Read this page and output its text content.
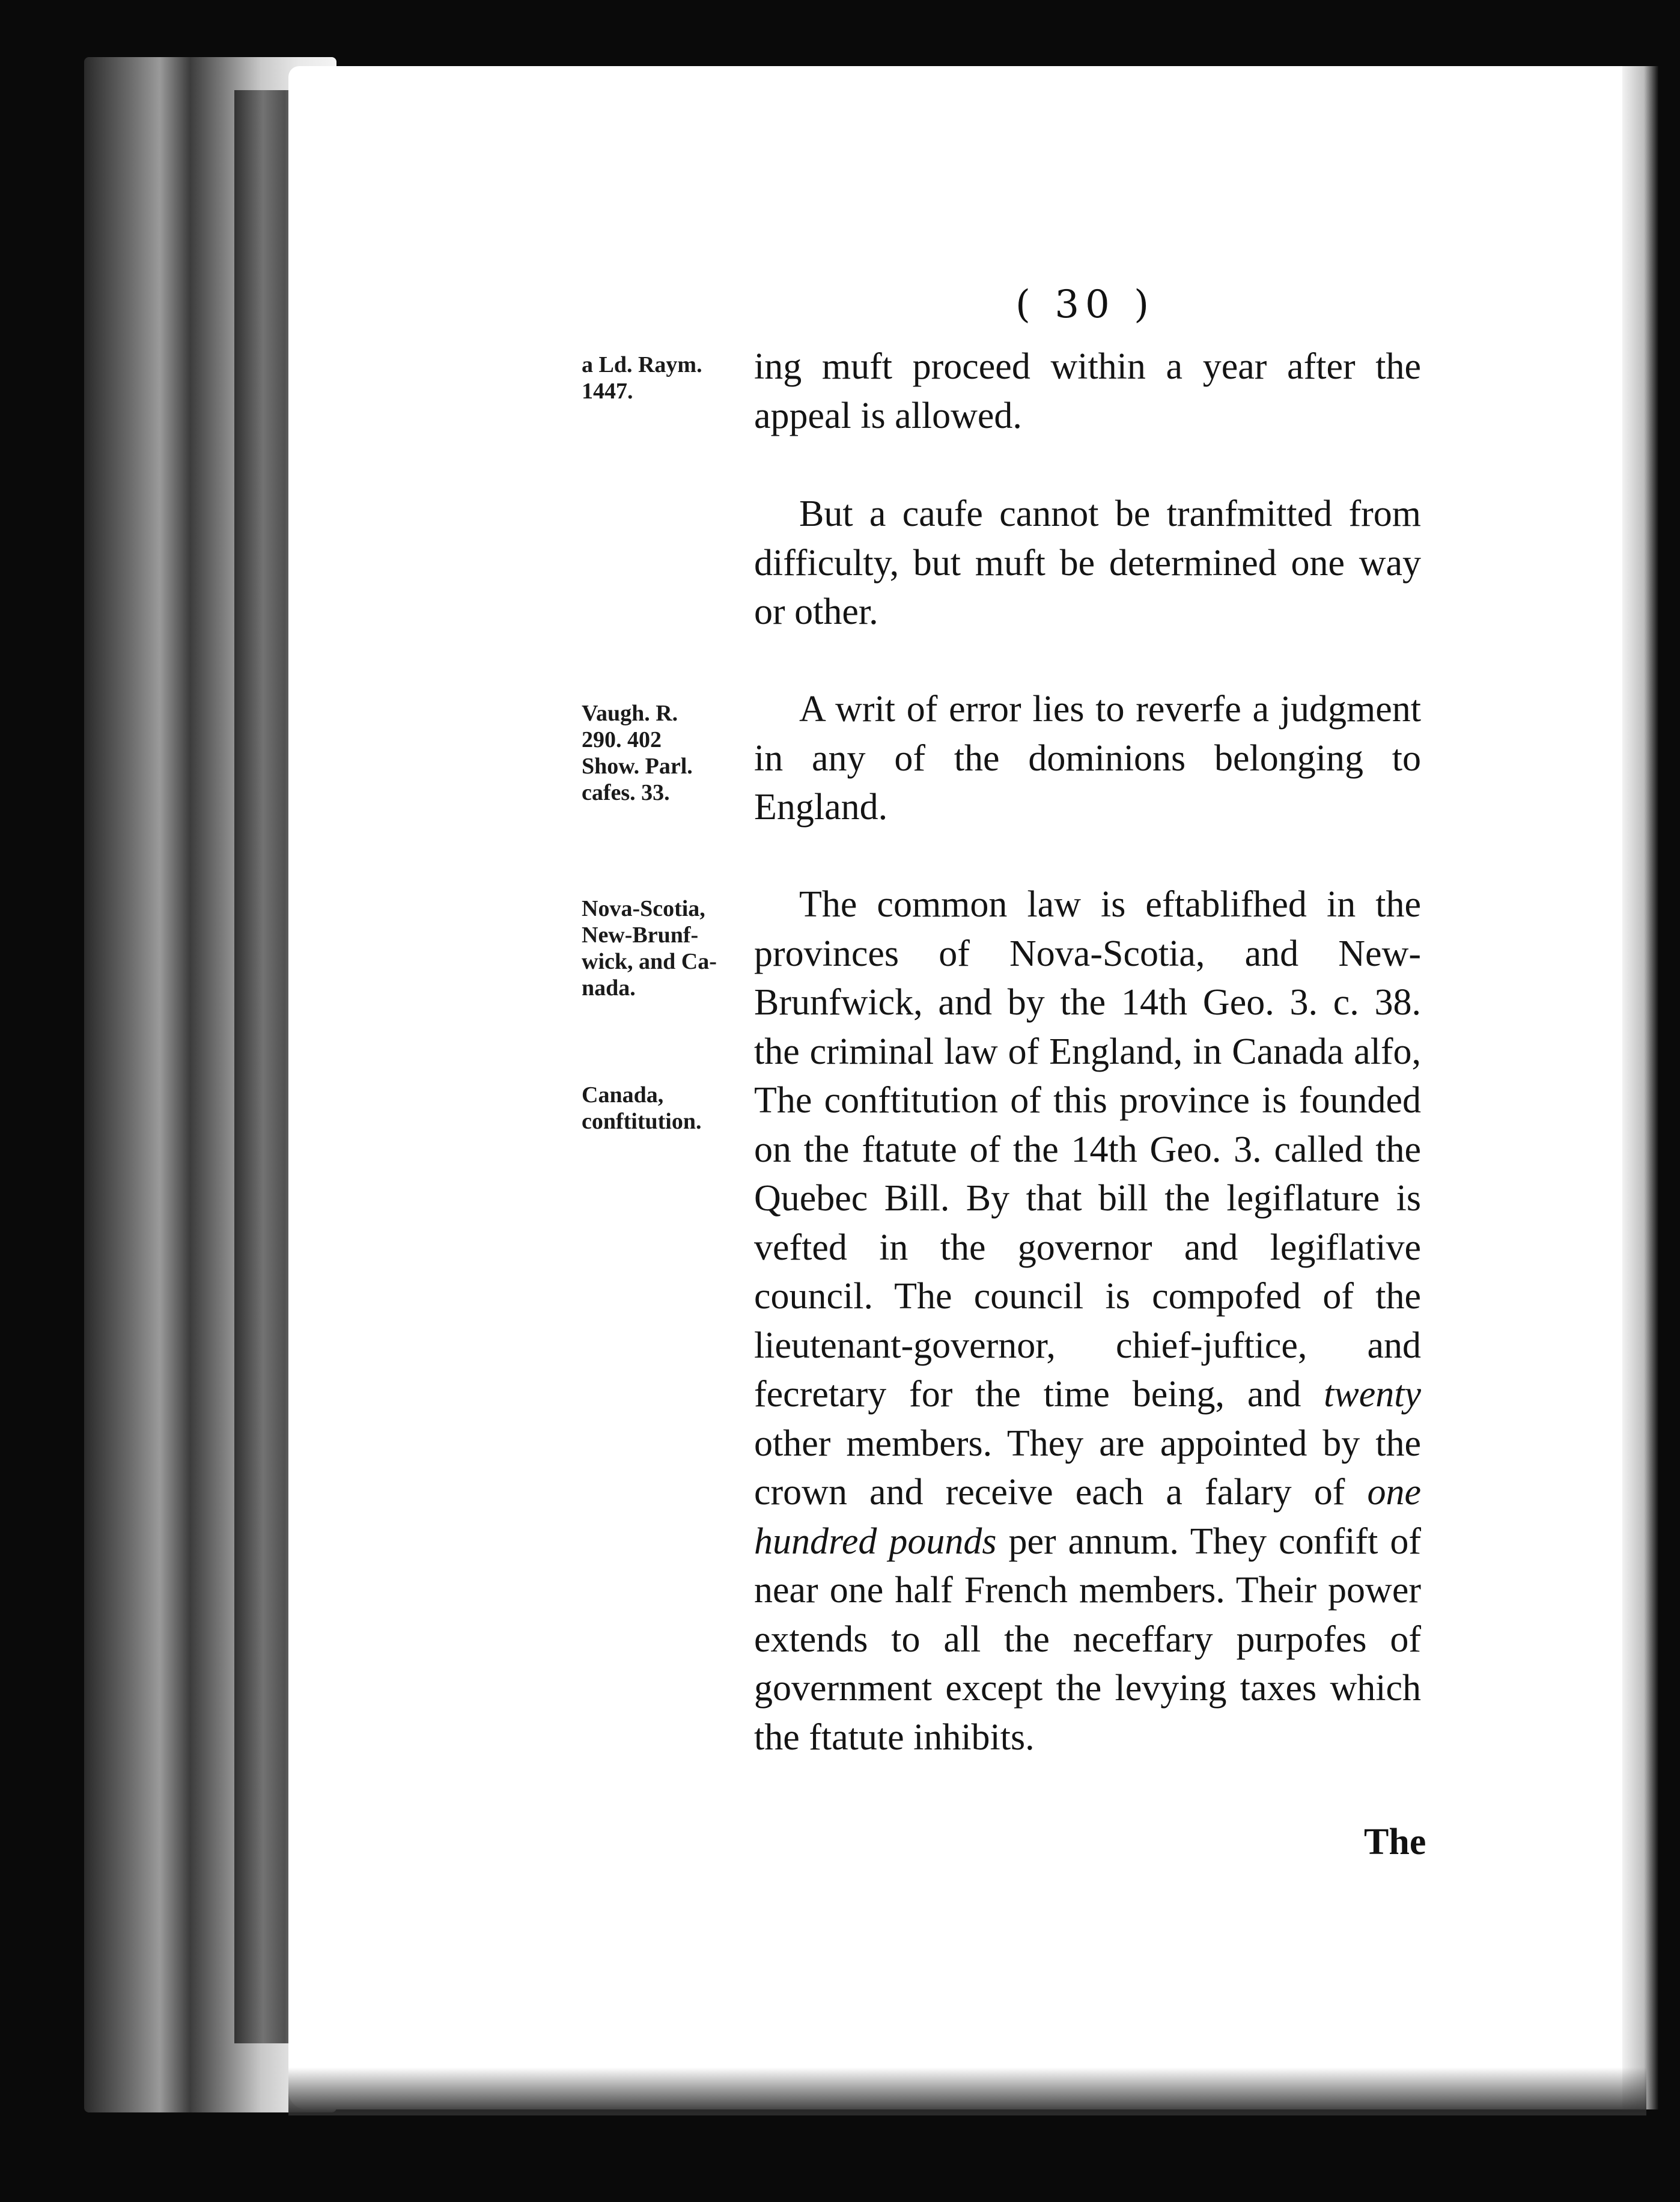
( 30 )
a Ld. Raym.
1447.
Vaugh. R.
290. 402
Show. Parl.
cafes. 33.
Nova-Scotia,
New-Brunf-
wick, and Ca-
nada.
Canada,
conftitution.

ing muft proceed within a year after the appeal is allowed.

But a caufe cannot be tranfmitted from difficulty, but muft be determined one way or other.

A writ of error lies to reverfe a judgment in any of the dominions belonging to England.

The common law is eftablifhed in the provinces of Nova-Scotia, and New-Brunfwick, and by the 14th Geo. 3. c. 38. the criminal law of England, in Canada alfo, The conftitution of this province is founded on the ftatute of the 14th Geo. 3. called the Quebec Bill. By that bill the legiflature is vefted in the governor and legiflative council. The council is compofed of the lieutenant-governor, chief-juftice, and fecretary for the time being, and twenty other members. They are appointed by the crown and receive each a falary of one hundred pounds per annum. They confift of near one half French members. Their power extends to all the neceffary purpofes of government except the levying taxes which the ftatute inhibits.

The
